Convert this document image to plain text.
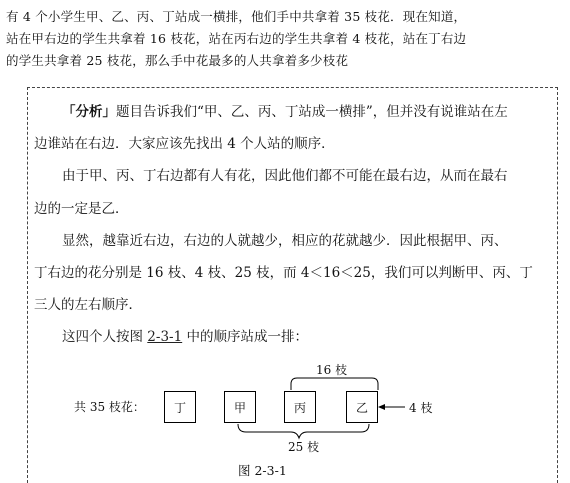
有 4 个小学生甲、乙、丙、丁站成一横排，他们手中共拿着 35 枝花．现在知道，

站在甲右边的学生共拿着 16 枝花，站在丙右边的学生共拿着 4 枝花，站在丁右边

的学生共拿着 25 枝花，那么手中花最多的人共拿着多少枝花

「分析」题目告诉我们“甲、乙、丙、丁站成一横排”，但并没有说谁站在左

边谁站在右边．大家应该先找出 4 个人站的顺序．

由于甲、丙、丁右边都有人有花，因此他们都不可能在最右边，从而在最右

边的一定是乙．

显然，越靠近右边，右边的人就越少，相应的花就越少．因此根据甲、丙、

丁右边的花分别是 16 枝、4 枝、25 枝，而 4＜16＜25，我们可以判断甲、丙、丁

三人的左右顺序．

这四个人按图 2-3-1 中的顺序站成一排：

共 35 枝花：	丁	甲	丙	乙
16 枝
4 枝
25 枝
图 2-3-1
